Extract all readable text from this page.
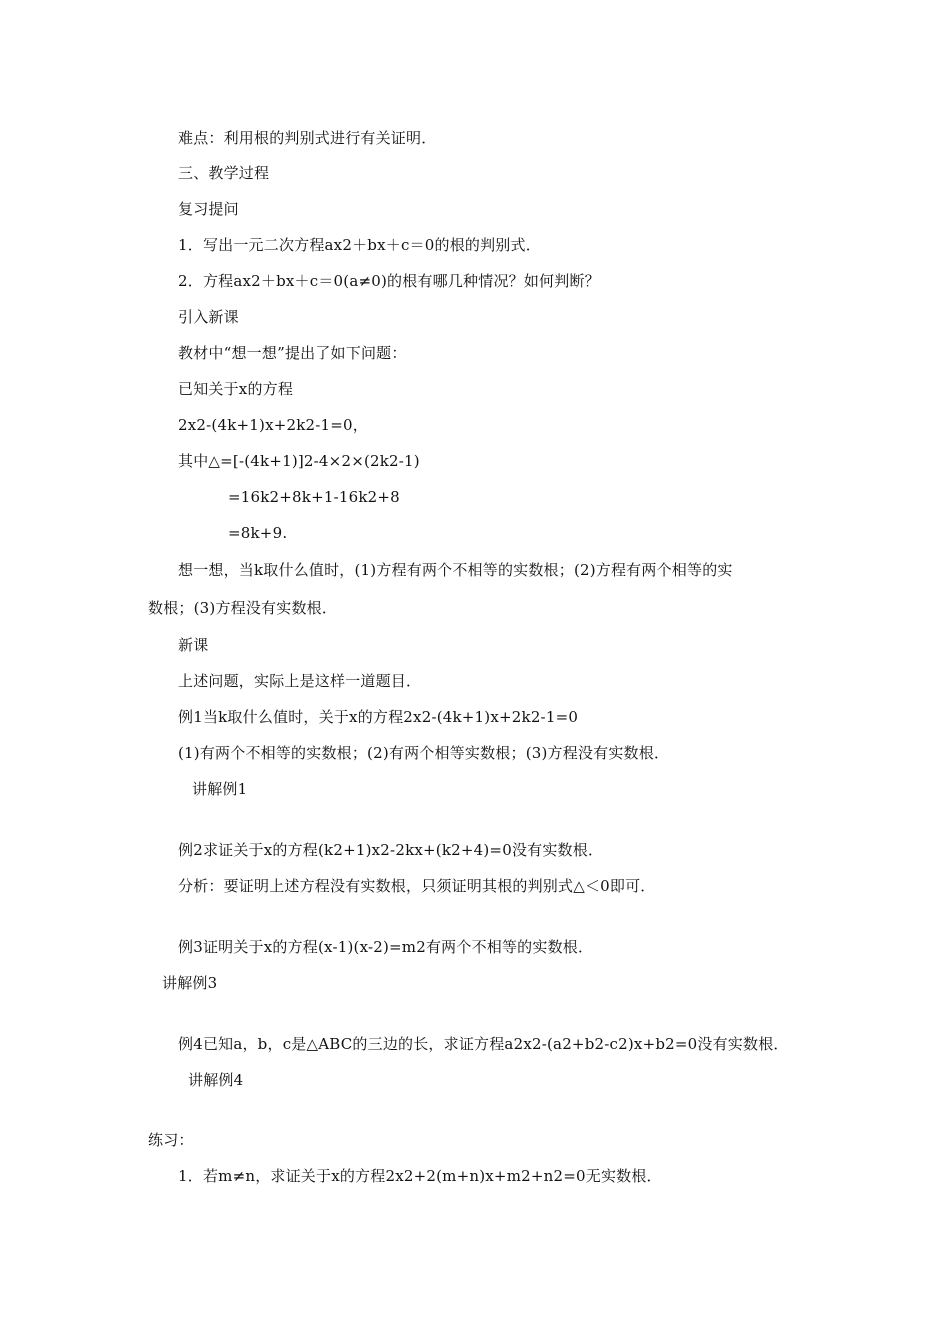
难点：利用根的判别式进行有关证明．
三、教学过程
复习提问
1．写出一元二次方程ax2＋bx＋c＝0的根的判别式．
2．方程ax2＋bx＋c＝0(a≠0)的根有哪几种情况？如何判断？
引入新课
教材中“想一想”提出了如下问题：
已知关于x的方程
2x2-(4k+1)x+2k2-1=0，
其中△=[-(4k+1)]2-4×2×(2k2-1)
=16k2+8k+1-16k2+8
=8k+9.
想一想，当k取什么值时，(1)方程有两个不相等的实数根；(2)方程有两个相等的实
数根；(3)方程没有实数根．
新课
上述问题，实际上是这样一道题目．
例1当k取什么值时，关于x的方程2x2-(4k+1)x+2k2-1=0
(1)有两个不相等的实数根；(2)有两个相等实数根；(3)方程没有实数根．
讲解例1
例2求证关于x的方程(k2+1)x2-2kx+(k2+4)=0没有实数根．
分析：要证明上述方程没有实数根，只须证明其根的判别式△＜0即可．
例3证明关于x的方程(x-1)(x-2)=m2有两个不相等的实数根．
讲解例3
例4已知a，b，c是△ABC的三边的长，求证方程a2x2-(a2+b2-c2)x+b2=0没有实数根．
讲解例4
练习：
1．若m≠n，求证关于x的方程2x2+2(m+n)x+m2+n2=0无实数根．
